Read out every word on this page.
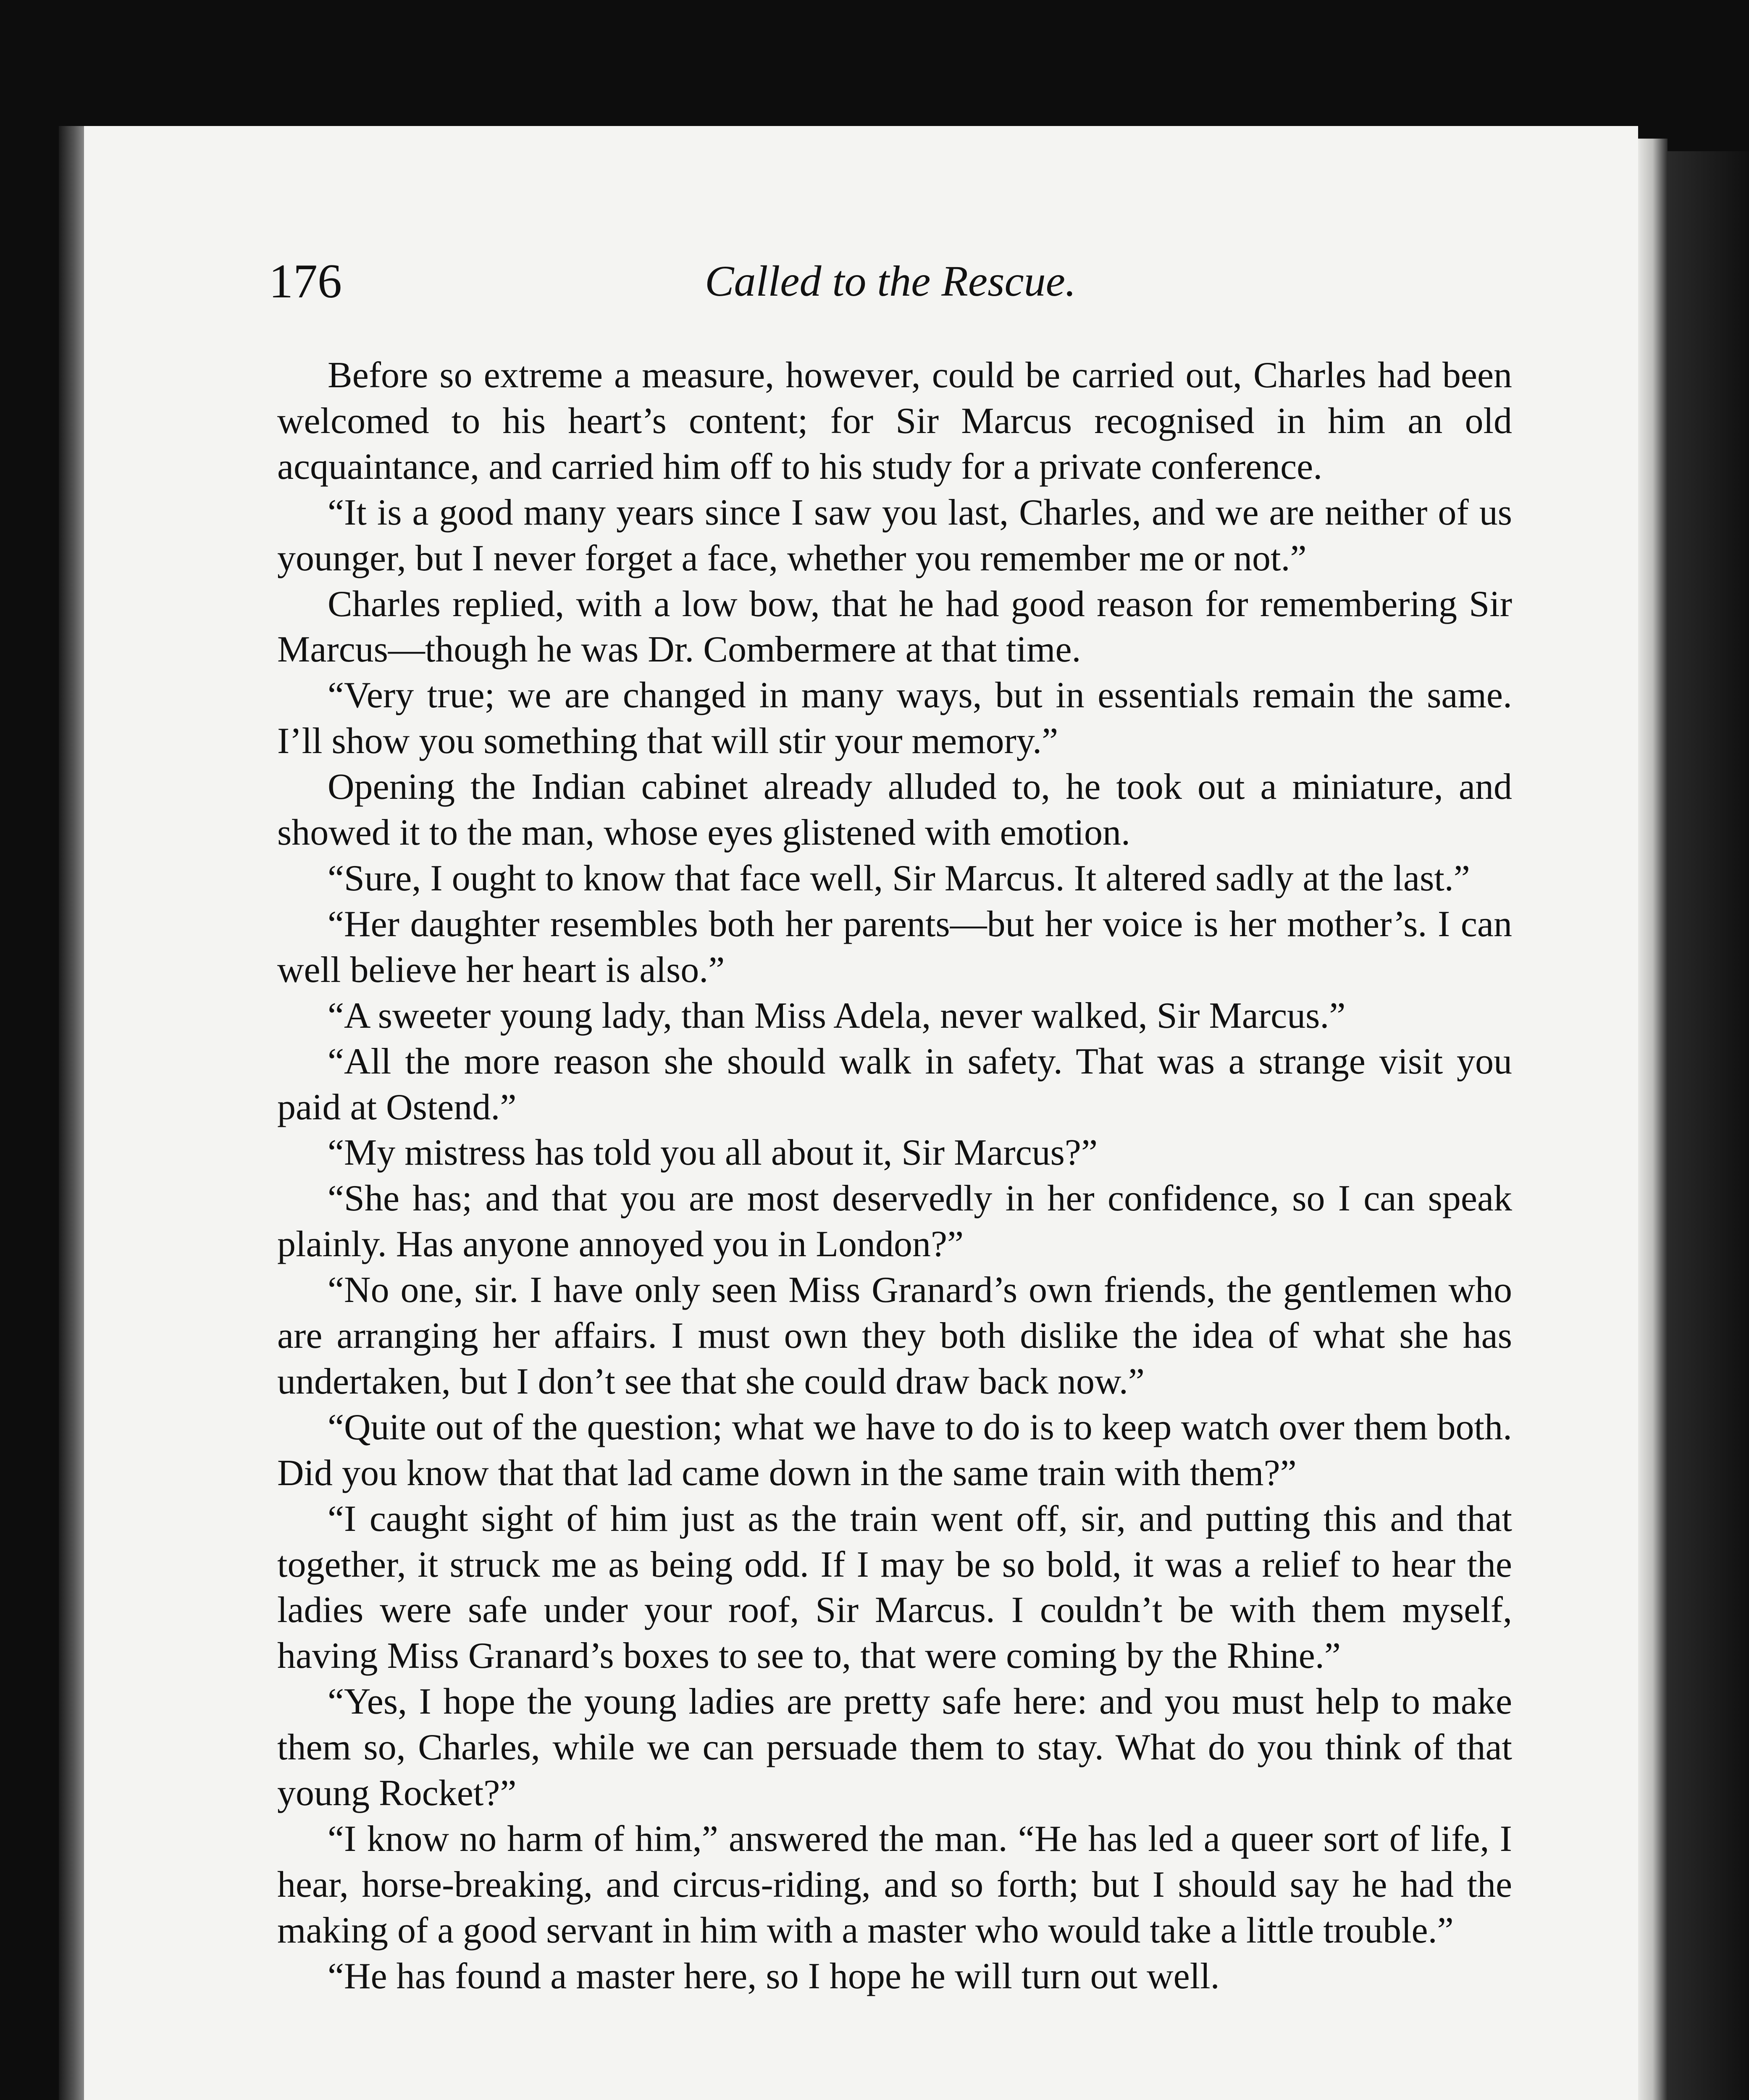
176	Called to the Rescue.

Before so extreme a measure, however, could be carried out, Charles had been welcomed to his heart’s content; for Sir Marcus recognised in him an old acquaintance, and carried him off to his study for a private conference.

“It is a good many years since I saw you last, Charles, and we are neither of us younger, but I never forget a face, whether you remember me or not.”

Charles replied, with a low bow, that he had good reason for remembering Sir Marcus—though he was Dr. Combermere at that time.

“Very true; we are changed in many ways, but in essentials remain the same. I’ll show you something that will stir your memory.”

Opening the Indian cabinet already alluded to, he took out a miniature, and showed it to the man, whose eyes glistened with emotion.

“Sure, I ought to know that face well, Sir Marcus. It altered sadly at the last.”

“Her daughter resembles both her parents—but her voice is her mother’s. I can well believe her heart is also.”

“A sweeter young lady, than Miss Adela, never walked, Sir Marcus.”

“All the more reason she should walk in safety. That was a strange visit you paid at Ostend.”

“My mistress has told you all about it, Sir Marcus?”

“She has; and that you are most deservedly in her confidence, so I can speak plainly. Has anyone annoyed you in London?”

“No one, sir. I have only seen Miss Granard’s own friends, the gentlemen who are arranging her affairs. I must own they both dislike the idea of what she has undertaken, but I don’t see that she could draw back now.”

“Quite out of the question; what we have to do is to keep watch over them both. Did you know that that lad came down in the same train with them?”

“I caught sight of him just as the train went off, sir, and putting this and that together, it struck me as being odd. If I may be so bold, it was a relief to hear the ladies were safe under your roof, Sir Marcus. I couldn’t be with them myself, having Miss Granard’s boxes to see to, that were coming by the Rhine.”

“Yes, I hope the young ladies are pretty safe here: and you must help to make them so, Charles, while we can persuade them to stay. What do you think of that young Rocket?”

“I know no harm of him,” answered the man. “He has led a queer sort of life, I hear, horse-breaking, and circus-riding, and so forth; but I should say he had the making of a good servant in him with a master who would take a little trouble.”

“He has found a master here, so I hope he will turn out well.
